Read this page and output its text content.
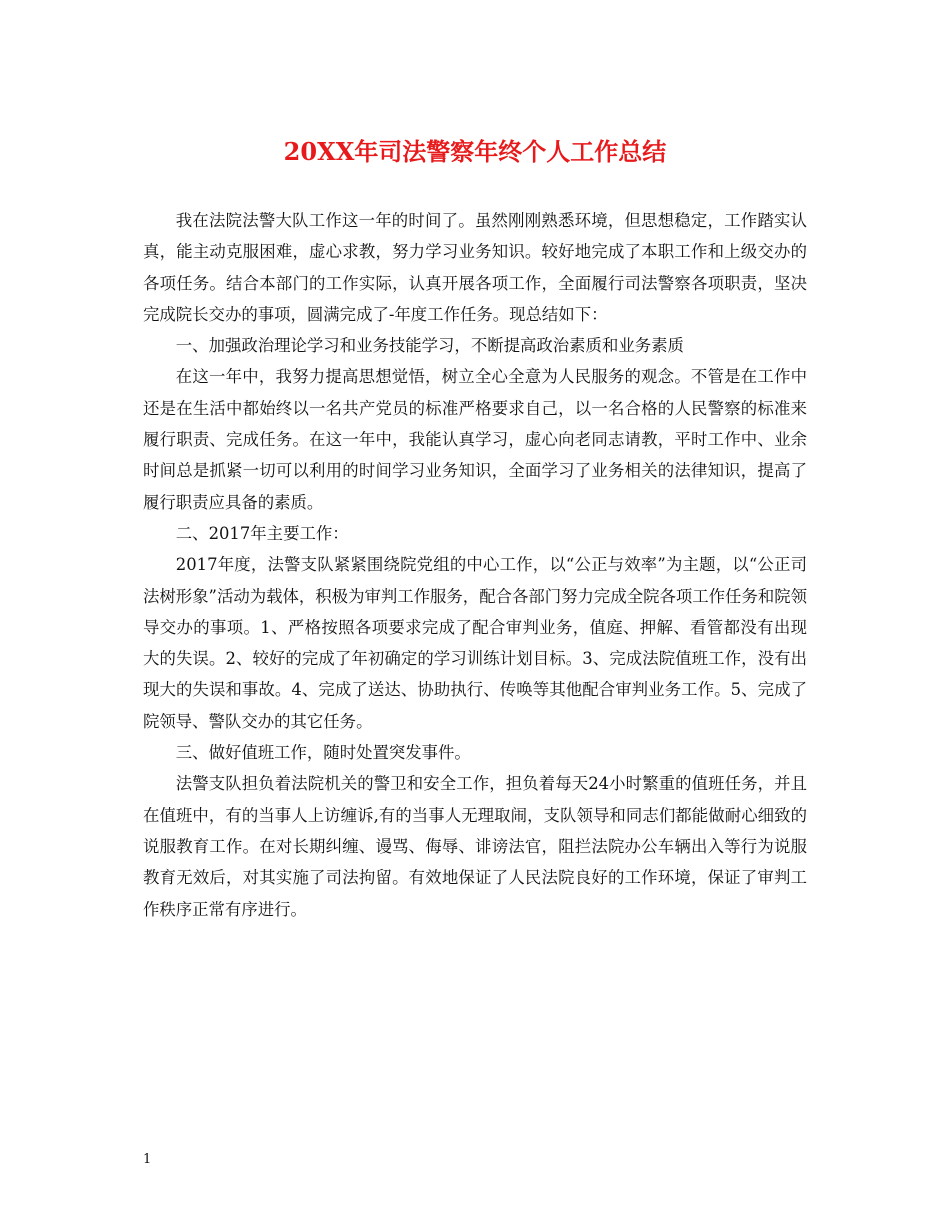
20XX年司法警察年终个人工作总结

我在法院法警大队工作这一年的时间了。虽然刚刚熟悉环境，但思想稳定，工作踏实认真，能主动克服困难，虚心求教，努力学习业务知识。较好地完成了本职工作和上级交办的各项任务。结合本部门的工作实际，认真开展各项工作，全面履行司法警察各项职责，坚决完成院长交办的事项，圆满完成了-年度工作任务。现总结如下：

一、加强政治理论学习和业务技能学习，不断提高政治素质和业务素质

在这一年中，我努力提高思想觉悟，树立全心全意为人民服务的观念。不管是在工作中还是在生活中都始终以一名共产党员的标准严格要求自己，以一名合格的人民警察的标准来履行职责、完成任务。在这一年中，我能认真学习，虚心向老同志请教，平时工作中、业余时间总是抓紧一切可以利用的时间学习业务知识，全面学习了业务相关的法律知识，提高了履行职责应具备的素质。

二、2017年主要工作：

2017年度，法警支队紧紧围绕院党组的中心工作，以“公正与效率”为主题，以“公正司法树形象”活动为载体，积极为审判工作服务，配合各部门努力完成全院各项工作任务和院领导交办的事项。1、严格按照各项要求完成了配合审判业务，值庭、押解、看管都没有出现大的失误。2、较好的完成了年初确定的学习训练计划目标。3、完成法院值班工作，没有出现大的失误和事故。4、完成了送达、协助执行、传唤等其他配合审判业务工作。5、完成了院领导、警队交办的其它任务。

三、做好值班工作，随时处置突发事件。

法警支队担负着法院机关的警卫和安全工作，担负着每天24小时繁重的值班任务，并且在值班中，有的当事人上访缠诉,有的当事人无理取闹，支队领导和同志们都能做耐心细致的说服教育工作。在对长期纠缠、谩骂、侮辱、诽谤法官，阻拦法院办公车辆出入等行为说服教育无效后，对其实施了司法拘留。有效地保证了人民法院良好的工作环境，保证了审判工作秩序正常有序进行。

1
